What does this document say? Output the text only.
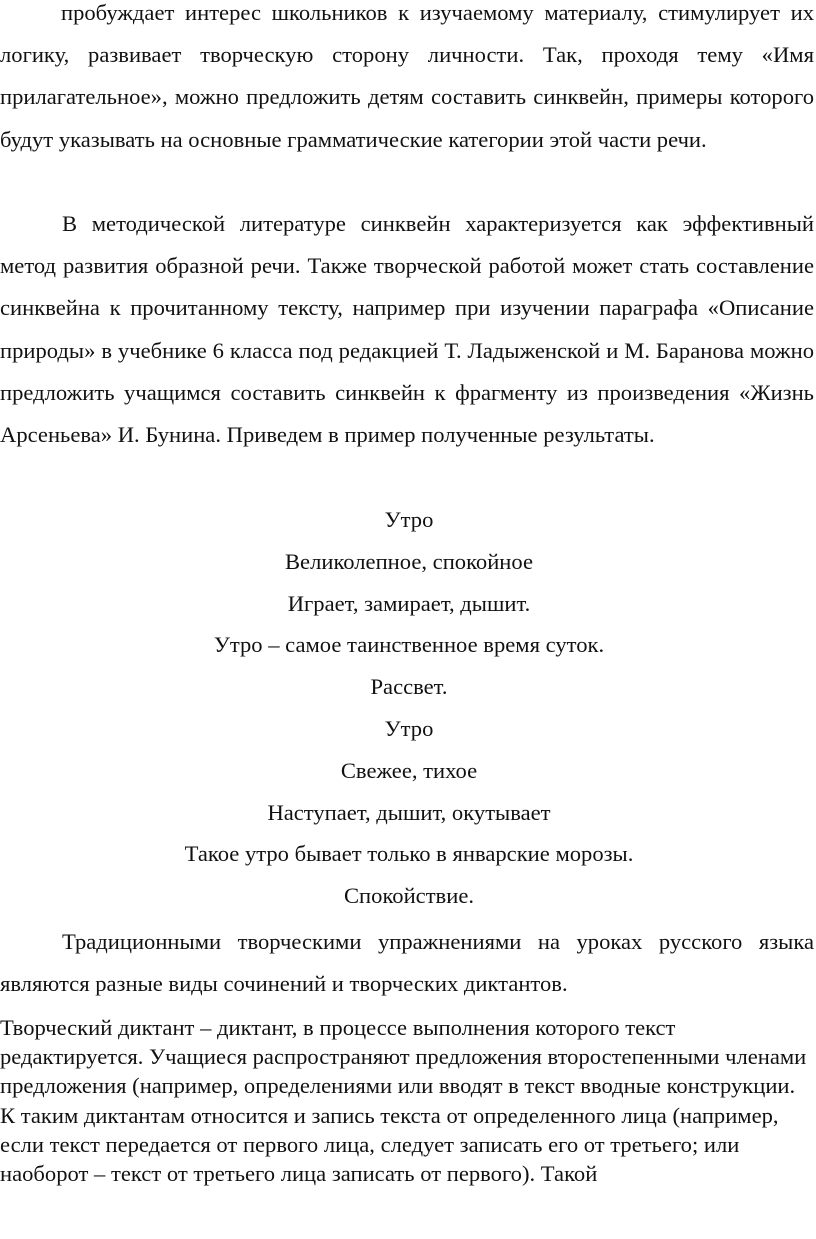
пробуждает интерес школьников к изучаемому материалу, стимулирует их логику, развивает творческую сторону личности. Так, проходя тему «Имя прилагательное», можно предложить детям составить синквейн, примеры которого будут указывать на основные грамматические категории этой части речи.

В методической литературе синквейн характеризуется как эффективный метод развития образной речи. Также творческой работой может стать составление синквейна к прочитанному тексту, например при изучении параграфа «Описание природы» в учебнике 6 класса под редакцией Т. Ладыженской и М. Баранова можно предложить учащимся составить синквейн к фрагменту из произведения «Жизнь Арсеньева» И. Бунина. Приведем в пример полученные результаты.

Утро
Великолепное, спокойное
Играет, замирает, дышит.
Утро – самое таинственное время суток.
Рассвет.
Утро
Свежее, тихое
Наступает, дышит, окутывает
Такое утро бывает только в январские морозы.
Спокойствие.

Традиционными творческими упражнениями на уроках русского языка являются разные виды сочинений и творческих диктантов.

Творческий диктант – диктант, в процессе выполнения которого текст редактируется. Учащиеся распространяют предложения второстепенными членами предложения (например, определениями или вводят в текст вводные конструкции. К таким диктантам относится и запись текста от определенного лица (например, если текст передается от первого лица, следует записать его от третьего; или наоборот – текст от третьего лица записать от первого). Такой
